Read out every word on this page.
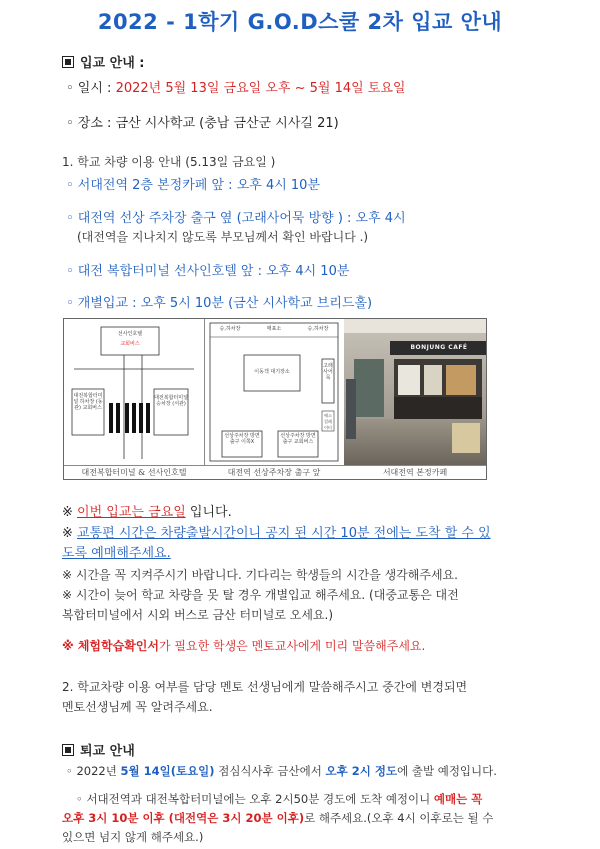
2022 - 1학기 G.O.D스쿨 2차 입교 안내
입교 안내 :
◦ 일시 : 2022년 5월 13일 금요일 오후 ~ 5월 14일 토요일
◦ 장소 : 금산 시사학교 (충남 금산군 시사길 21)
1. 학교 차량 이용 안내 (5.13일 금요일 )
◦ 서대전역 2층 본정카페 앞 : 오후 4시 10분
◦ 대전역 선상 주차장 출구 옆 (고래사어묵 방향 ) : 오후 4시
(대전역을 지나치지 않도록 부모님께서 확인 바랍니다 .)
◦ 대전 복합터미널 선사인호텔 앞 : 오후 4시 10분
◦ 개별입교 : 오후 5시 10분 (금산 시사학교 브리드홀)
선사인호텔
교회버스
대전복합터미널 하차장 (동관) 교회버스
대전복합터미널 승차장 (서관)
승,하차장	매표소	승,하차장
이동객 대기장소
고래사어묵
에스컬레이터
선상주차장 방면 출구 이쪽X
선상주차장 방면 출구 교회버스
BONJUNG CAFÉ
대전복합터미널 & 선사인호텔	대전역 선상주차장 출구 앞	서대전역 본정카페
※ 이번 입교는 금요일 입니다.
※ 교통편 시간은 차량출발시간이니 공지 된 시간 10분 전에는 도착 할 수 있
도록 예매해주세요.
※ 시간을 꼭 지켜주시기 바랍니다. 기다리는 학생들의 시간을 생각해주세요.
※ 시간이 늦어 학교 차량을 못 탈 경우 개별입교 해주세요. (대중교통은 대전
복합터미널에서 시외 버스로 금산 터미널로 오세요.)
※ 체험학습확인서가 필요한 학생은 멘토교사에게 미리 말씀해주세요.
2. 학교차량 이용 여부를 담당 멘토 선생님에게 말씀해주시고 중간에 변경되면
멘토선생님께 꼭 알려주세요.
퇴교 안내
◦ 2022년 5월 14일(토요일) 점심식사후 금산에서 오후 2시 정도에 출발 예정입니다.
◦ 서대전역과 대전복합터미널에는 오후 2시50분 경도에 도착 예정이니 예매는 꼭
오후 3시 10분 이후 (대전역은 3시 20분 이후)로 해주세요.(오후 4시 이후로는 될 수
있으면 넘지 않게 해주세요.)
